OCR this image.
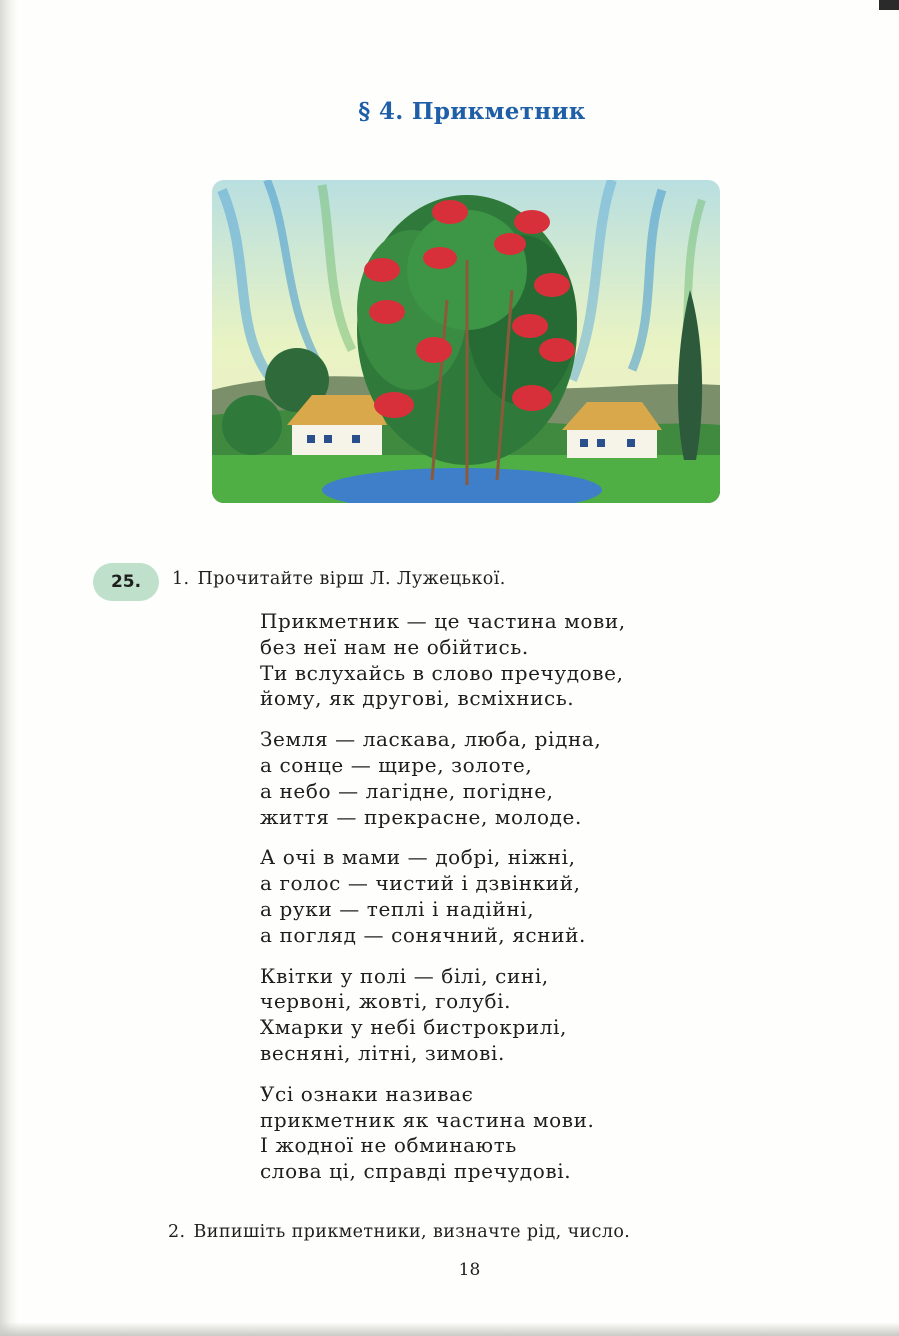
§ 4. Прикметник
25.	1. Прочитайте вірш Л. Лужецької.
Прикметник — це частина мови,
без неї нам не обійтись.
Ти вслухайсь в слово пречудове,
йому, як другові, всміхнись.
Земля — ласкава, люба, рідна,
а сонце — щире, золоте,
а небо — лагідне, погідне,
життя — прекрасне, молоде.
А очі в мами — добрі, ніжні,
а голос — чистий і дзвінкий,
а руки — теплі і надійні,
а погляд — сонячний, ясний.
Квітки у полі — білі, сині,
червоні, жовті, голубі.
Хмарки у небі бистрокрилі,
весняні, літні, зимові.
Усі ознаки називає
прикметник як частина мови.
І жодної не обминають
слова ці, справді пречудові.
2. Випишіть прикметники, визначте рід, число.
18
